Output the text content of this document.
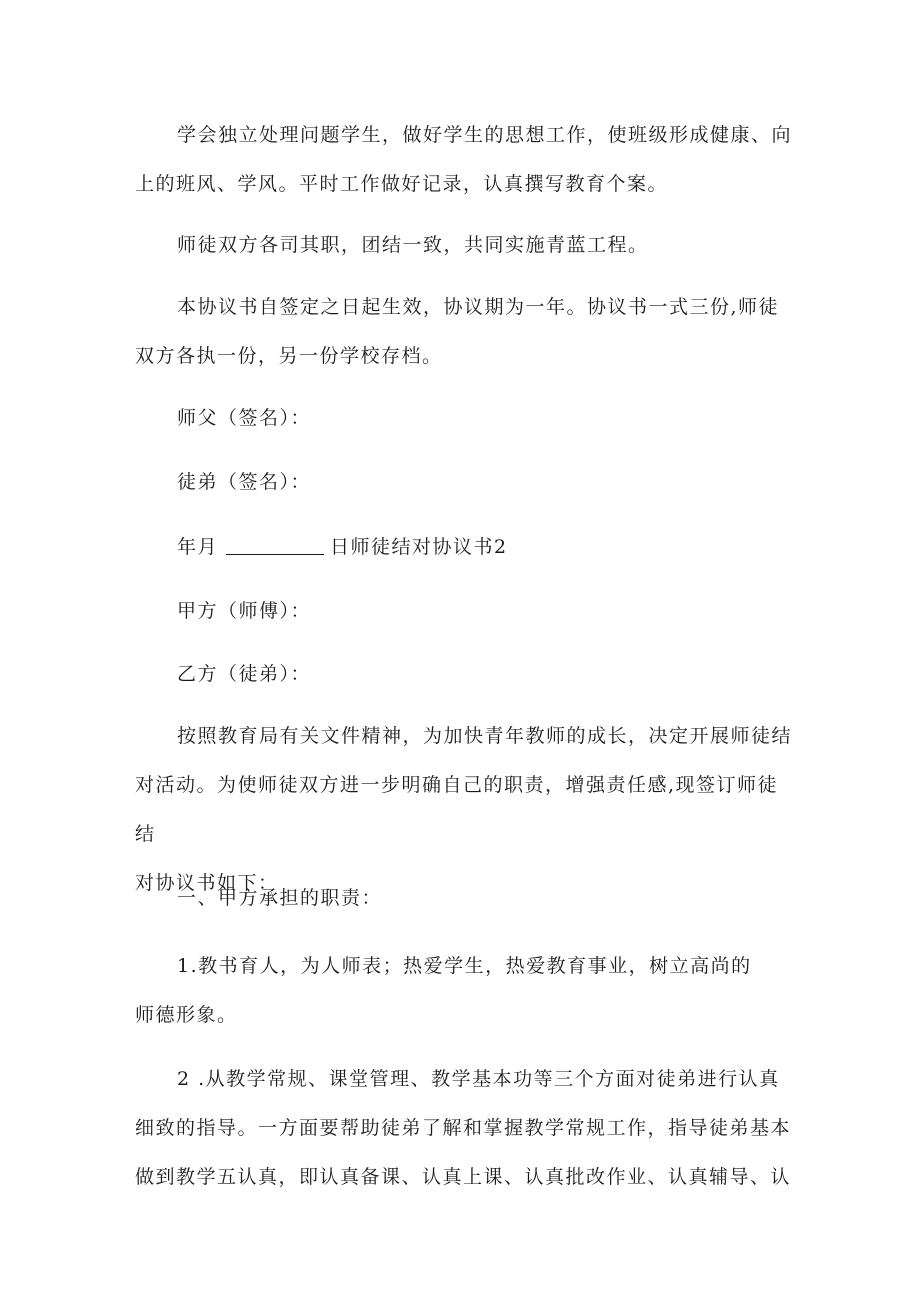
学会独立处理问题学生，做好学生的思想工作，使班级形成健康、向
上的班风、学风。平时工作做好记录，认真撰写教育个案。

师徒双方各司其职，团结一致，共同实施青蓝工程。

本协议书自签定之日起生效，协议期为一年。协议书一式三份,师徒
双方各执一份，另一份学校存档。

师父（签名）：
徒弟（签名）：
年月	日师徒结对协议书2
甲方（师傅）：
乙方（徒弟）：

按照教育局有关文件精神，为加快青年教师的成长，决定开展师徒结
对活动。为使师徒双方进一步明确自己的职责，增强责任感,现签订师徒结
对协议书如下：

一、甲方承担的职责：

1.教书育人，为人师表；热爱学生，热爱教育事业，树立高尚的
师德形象。

2 .从教学常规、课堂管理、教学基本功等三个方面对徒弟进行认真
细致的指导。一方面要帮助徒弟了解和掌握教学常规工作，指导徒弟基本
做到教学五认真，即认真备课、认真上课、认真批改作业、认真辅导、认
